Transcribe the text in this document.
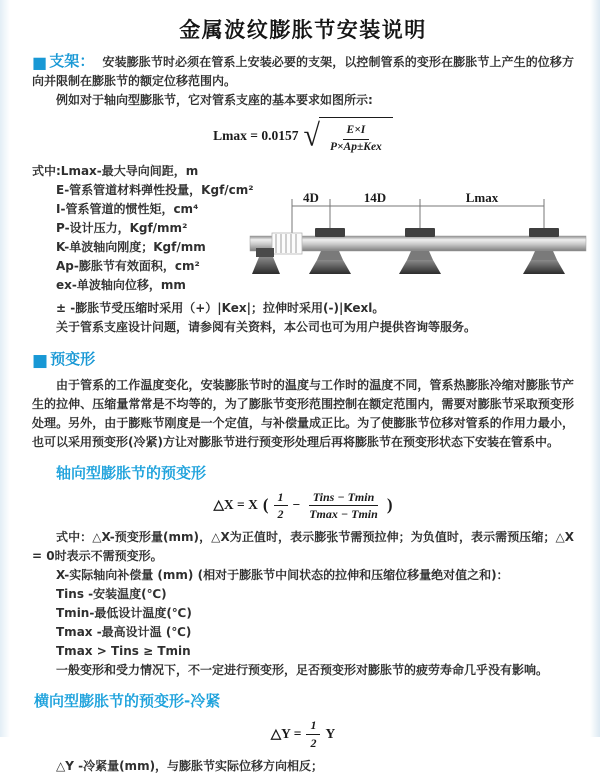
金属波纹膨胀节安装说明

■ 支架： 安装膨胀节时必须在管系上安装必要的支架，以控制管系的变形在膨胀节上产生的位移方向并限制在膨胀节的额定位移范围内。

例如对于轴向型膨胀节，它对管系支座的基本要求如图所示:

Lmax = 0.0157 √ $\frac{E\times I}{\text{P×Ap±Kex}}$

式中:Lmax-最大导向间距，m

E-管系管道材料弹性投量，Kgf/cm²

I-管系管道的惯性矩，cm⁴

P-设计压力，Kgf/mm²

K-单波轴向刚度；Kgf/mm

Ap-膨胀节有效面积，cm²

ex-单波轴向位移，mm

± -膨胀节受压缩时采用（+）|Kex|；拉伸时采用(-)|Kexl。

关于管系支座设计问题，请参阅有关资料，本公司也可为用户提供咨询等服务。

■ 预变形

由于管系的工作温度变化，安装膨胀节时的温度与工作时的温度不同，管系热膨胀冷缩对膨胀节产生的拉伸、压缩量常常是不均等的，为了膨胀节变形范围控制在额定范围内，需要对膨胀节采取预变形处理。另外，由于膨账节刚度是一个定值，与补偿量成正比。为了使膨胀节位移对管系的作用力最小，也可以采用预变形(冷紧)方让对膨胀节进行预变形处理后再将膨胀节在预变形状态下安装在管系中。

轴向型膨胀节的预变形
△X = X ( $\frac{1}{2} - \frac{\text{Tins − Tmin}}{Tmax - Tmin}$ )

式中：△X-预变形量(mm)，△X为正值时，表示膨张节需预拉伸；为负值时，表示需预压缩；△X = 0时表示不需预变形。

X-实际轴向补偿量 (mm) (相对于膨胀节中间状态的拉伸和压缩位移量绝对值之和)：

Tins -安装温度(℃)

Tmin-最低设计温度(℃)

Tmax -最高设计温 (℃)

Tmax > Tins ≥ Tmin

一般变形和受力情况下，不一定进行预变形，足否预变形对膨胀节的疲劳寿命几乎没有影响。

横向型膨胀节的预变形-冷紧
△Y = $\frac{1}{2}$ Y

△Y -冷紧量(mm)，与膨胀节实际位移方向相反；

4D	14D	Lmax
